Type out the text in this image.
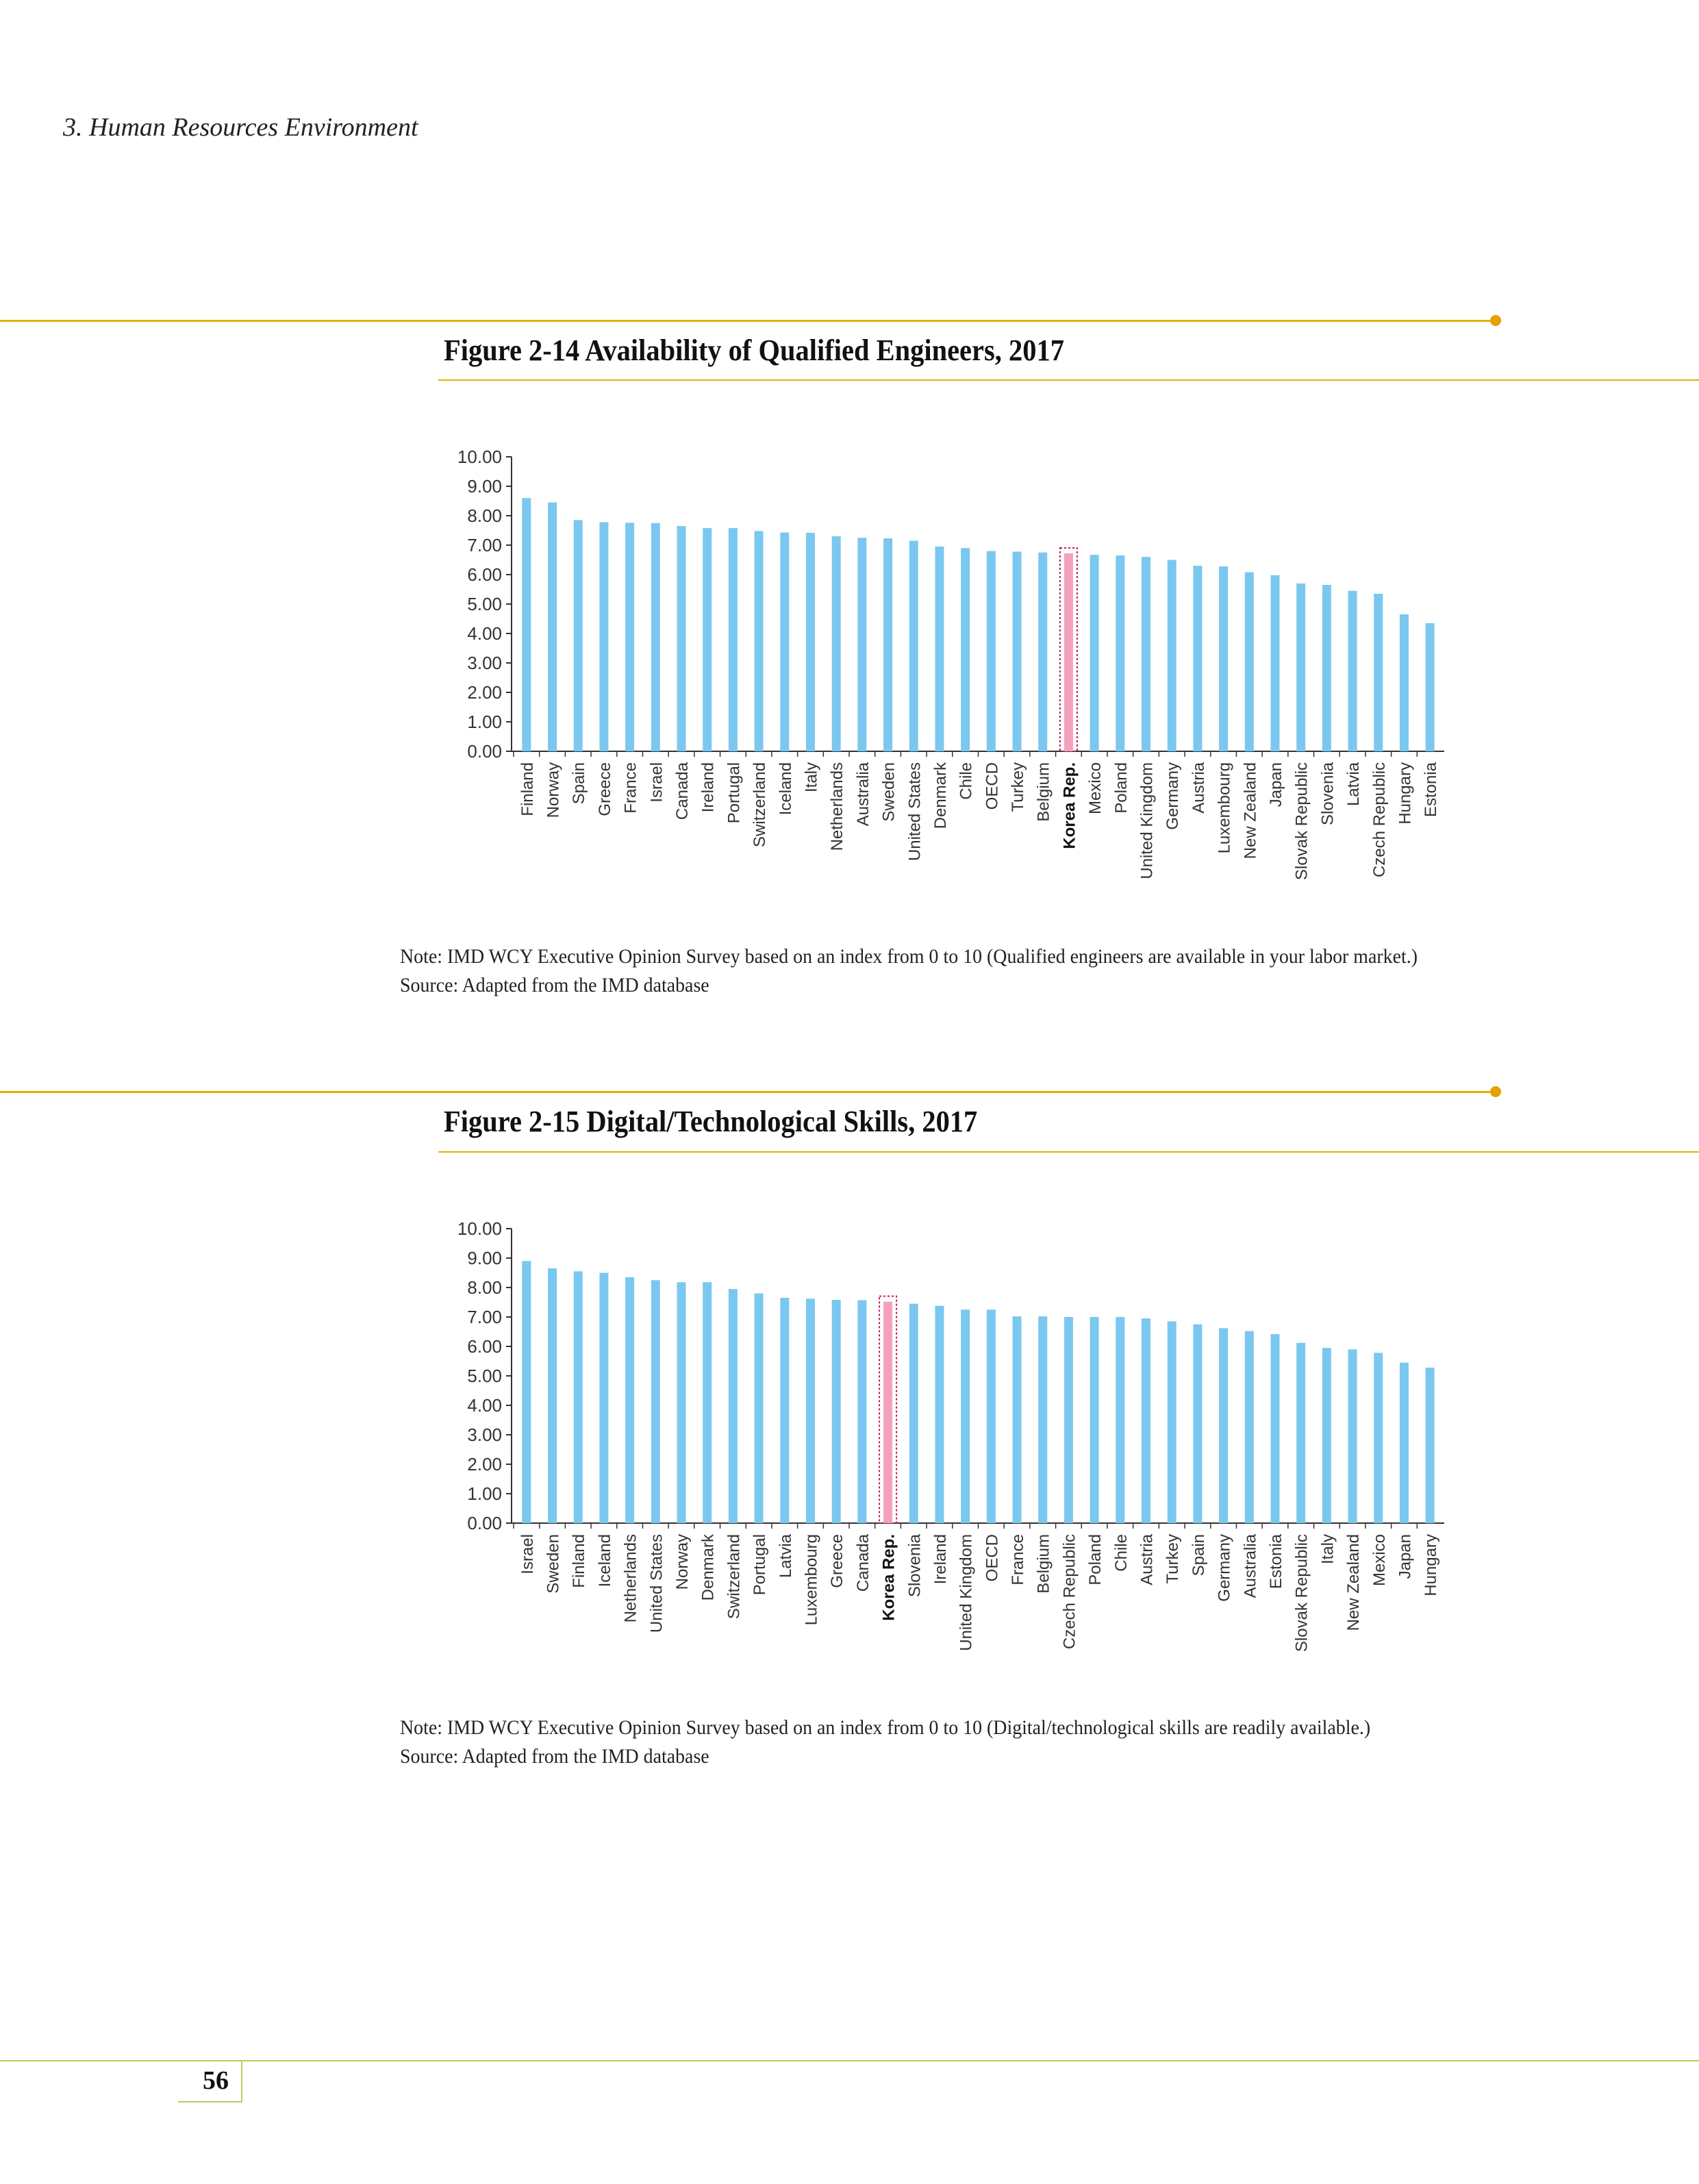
3. Human Resources Environment
Figure 2-14 Availability of Qualified Engineers, 2017
0.00
1.00
2.00
3.00
4.00
5.00
6.00
7.00
8.00
9.00
10.00
Finland Norway Spain Greece France Israel Canada Ireland Portugal Switzerland Iceland Italy Netherlands Australia Sweden United States Denmark Chile OECD Turkey Belgium Korea Rep. Mexico Poland United Kingdom Germany Austria Luxembourg New Zealand Japan Slovak Republic Slovenia Latvia Czech Republic Hungary Estonia
Note: IMD WCY Executive Opinion Survey based on an index from 0 to 10 (Qualified engineers are available in your labor market.)
Source: Adapted from the IMD database
Figure 2-15 Digital/Technological Skills, 2017
0.00
1.00
2.00
3.00
4.00
5.00
6.00
7.00
8.00
9.00
10.00
Israel Sweden Finland Iceland Netherlands United States Norway Denmark Switzerland Portugal Latvia Luxembourg Greece Canada Korea Rep. Slovenia Ireland United Kingdom OECD France Belgium Czech Republic Poland Chile Austria Turkey Spain Germany Australia Estonia Slovak Republic Italy New Zealand Mexico Japan Hungary
Note: IMD WCY Executive Opinion Survey based on an index from 0 to 10 (Digital/technological skills are readily available.)
Source: Adapted from the IMD database
56
